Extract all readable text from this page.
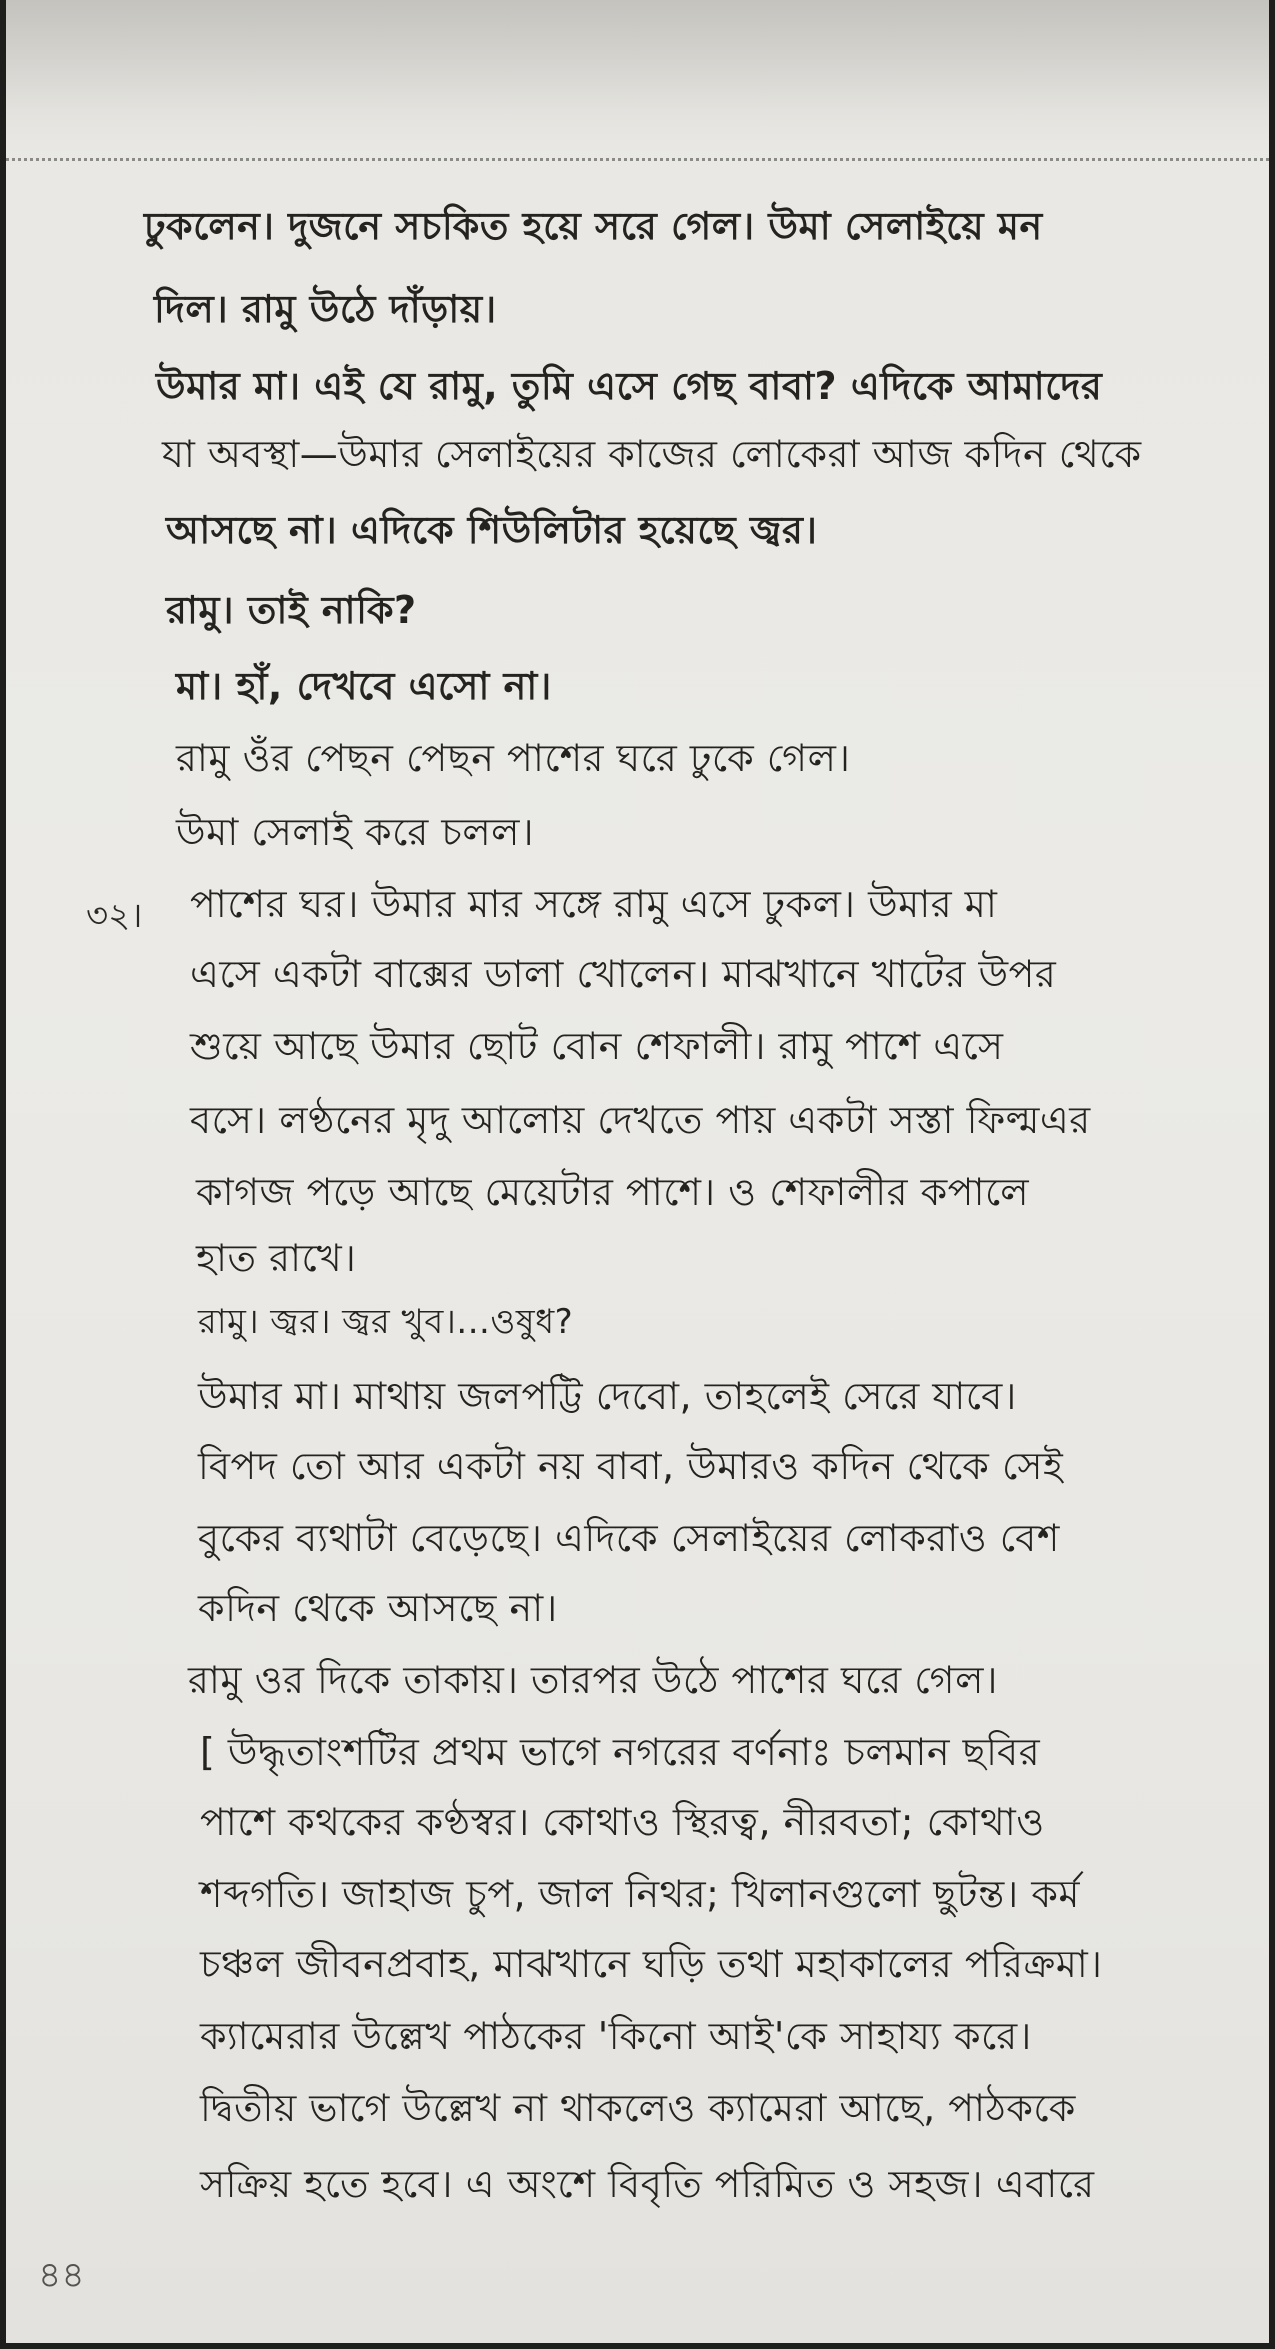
ঢুকলেন। দুজনে সচকিত হয়ে সরে গেল। উমা সেলাইয়ে মন

দিল। রামু উঠে দাঁড়ায়।

উমার মা। এই যে রামু, তুমি এসে গেছ বাবা? এদিকে আমাদের

যা অবস্থা—উমার সেলাইয়ের কাজের লোকেরা আজ কদিন থেকে

আসছে না। এদিকে শিউলিটার হয়েছে জ্বর।

রামু। তাই নাকি?

মা। হাঁ, দেখবে এসো না।

রামু ওঁর পেছন পেছন পাশের ঘরে ঢুকে গেল।

উমা সেলাই করে চলল।

৩২। পাশের ঘর। উমার মার সঙ্গে রামু এসে ঢুকল। উমার মা

এসে একটা বাক্সের ডালা খোলেন। মাঝখানে খাটের উপর

শুয়ে আছে উমার ছোট বোন শেফালী। রামু পাশে এসে

বসে। লণ্ঠনের মৃদু আলোয় দেখতে পায় একটা সস্তা ফিল্মএর

কাগজ পড়ে আছে মেয়েটার পাশে। ও শেফালীর কপালে

হাত রাখে।

রামু। জ্বর। জ্বর খুব।...ওষুধ?

উমার মা। মাথায় জলপট্টি দেবো, তাহলেই সেরে যাবে।

বিপদ তো আর একটা নয় বাবা, উমারও কদিন থেকে সেই

বুকের ব্যথাটা বেড়েছে। এদিকে সেলাইয়ের লোকরাও বেশ

কদিন থেকে আসছে না।

রামু ওর দিকে তাকায়। তারপর উঠে পাশের ঘরে গেল।

[ উদ্ধৃতাংশটির প্রথম ভাগে নগরের বর্ণনাঃ চলমান ছবির

পাশে কথকের কণ্ঠস্বর। কোথাও স্থিরত্ব, নীরবতা; কোথাও

শব্দগতি। জাহাজ চুপ, জাল নিথর; খিলানগুলো ছুটন্ত। কর্ম

চঞ্চল জীবনপ্রবাহ, মাঝখানে ঘড়ি তথা মহাকালের পরিক্রমা।

ক্যামেরার উল্লেখ পাঠকের 'কিনো আই'কে সাহায্য করে।

দ্বিতীয় ভাগে উল্লেখ না থাকলেও ক্যামেরা আছে, পাঠককে

সক্রিয় হতে হবে। এ অংশে বিবৃতি পরিমিত ও সহজ। এবারে

৪৪
